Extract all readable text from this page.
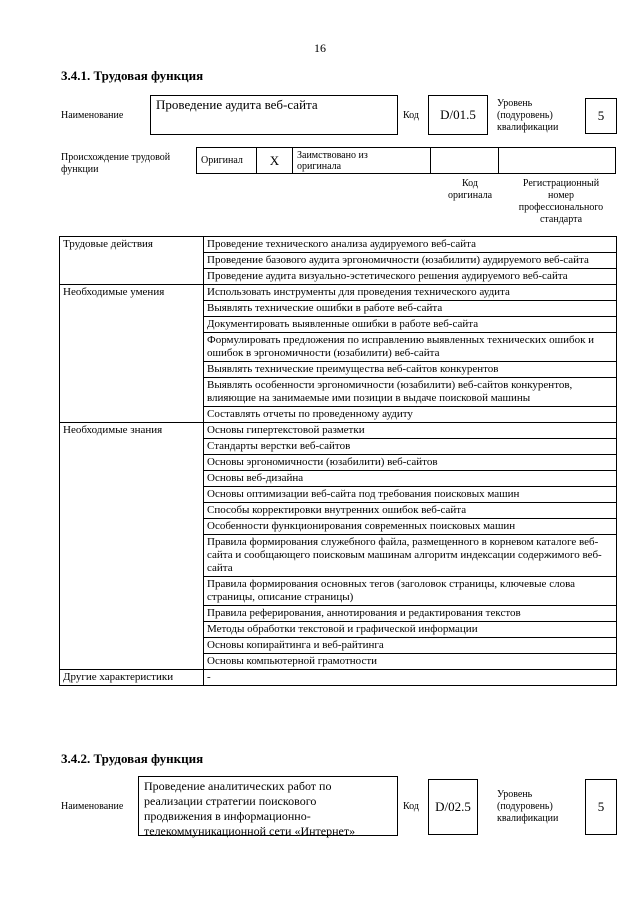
16
3.4.1. Трудовая функция
Наименование
Проведение аудита веб-сайта
Код	D/01.5
Уровень
(подуровень)
квалификации
5
Происхождение трудовой
функции
Оригинал	X	Заимствовано из
оригинала

Код
оригинала
Регистрационный
номер
профессионального
стандарта
Трудовые действия	Проведение технического анализа аудируемого веб-сайта
	Проведение базового аудита эргономичности (юзабилити) аудируемого веб-сайта
	Проведение аудита визуально-эстетического решения аудируемого веб-сайта
Необходимые умения	Использовать инструменты для проведения технического аудита
	Выявлять технические ошибки в работе веб-сайта
	Документировать выявленные ошибки в работе веб-сайта
	Формулировать предложения по исправлению выявленных технических ошибок и ошибок в эргономичности (юзабилити) веб-сайта
	Выявлять технические преимущества веб-сайтов конкурентов
	Выявлять особенности эргономичности (юзабилити) веб-сайтов конкурентов, влияющие на занимаемые ими позиции в выдаче поисковой машины
	Составлять отчеты по проведенному аудиту
Необходимые знания	Основы гипертекстовой разметки
	Стандарты верстки веб-сайтов
	Основы эргономичности (юзабилити) веб-сайтов
	Основы веб-дизайна
	Основы оптимизации веб-сайта под требования поисковых машин
	Способы корректировки внутренних ошибок веб-сайта
	Особенности функционирования современных поисковых машин
	Правила формирования служебного файла, размещенного в корневом каталоге веб-сайта и сообщающего поисковым машинам алгоритм индексации содержимого веб-сайта
	Правила формирования основных тегов (заголовок страницы, ключевые слова страницы, описание страницы)
	Правила реферирования, аннотирования и редактирования текстов
	Методы обработки текстовой и графической информации
	Основы копирайтинга и веб-райтинга
	Основы компьютерной грамотности
Другие характеристики	-
3.4.2. Трудовая функция
Наименование
Проведение аналитических работ по
реализации стратегии поискового
продвижения в информационно-
телекоммуникационной сети «Интернет»
Код	D/02.5
Уровень
(подуровень)
квалификации
5
